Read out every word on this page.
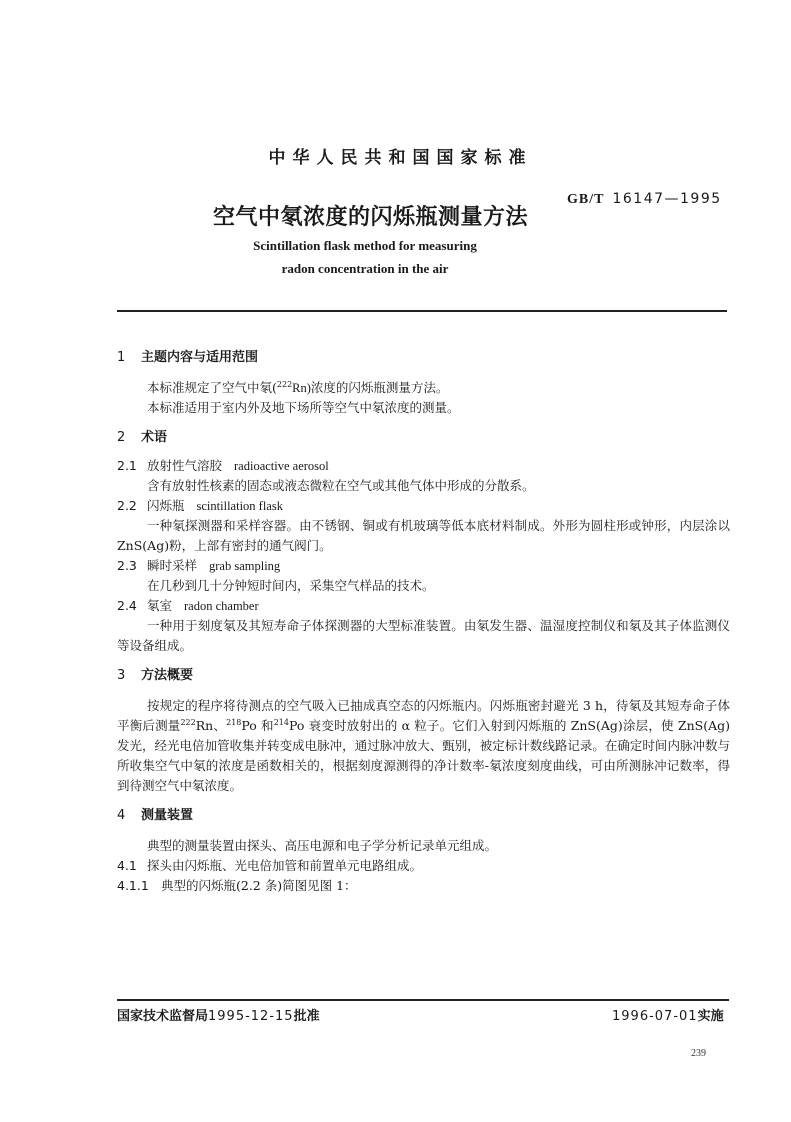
中华人民共和国国家标准
空气中氡浓度的闪烁瓶测量方法
GB/T 16147—1995
Scintillation flask method for measuring
radon concentration in the air

1 主题内容与适用范围

本标准规定了空气中氡($^{222}$Rn)浓度的闪烁瓶测量方法。

本标准适用于室内外及地下场所等空气中氡浓度的测量。

2 术语

2.1 放射性气溶胶 radioactive aerosol

含有放射性核素的固态或液态微粒在空气或其他气体中形成的分散系。

2.2 闪烁瓶 scintillation flask

一种氡探测器和采样容器。由不锈钢、铜或有机玻璃等低本底材料制成。外形为圆柱形或钟形，内层涂以 ZnS(Ag)粉，上部有密封的通气阀门。

2.3 瞬时采样 grab sampling

在几秒到几十分钟短时间内，采集空气样品的技术。

2.4 氡室 radon chamber

一种用于刻度氡及其短寿命子体探测器的大型标准装置。由氡发生器、温湿度控制仪和氡及其子体监测仪等设备组成。

3 方法概要

按规定的程序将待测点的空气吸入已抽成真空态的闪烁瓶内。闪烁瓶密封避光 3 h，待氡及其短寿命子体平衡后测量$^{222}$Rn、$^{218}$Po 和$^{214}$Po 衰变时放射出的 α 粒子。它们入射到闪烁瓶的 ZnS(Ag)涂层，使 ZnS(Ag)发光，经光电倍加管收集并转变成电脉冲，通过脉冲放大、甄别，被定标计数线路记录。在确定时间内脉冲数与所收集空气中氡的浓度是函数相关的，根据刻度源测得的净计数率-氡浓度刻度曲线，可由所测脉冲记数率，得到待测空气中氡浓度。

4 测量装置

典型的测量装置由探头、高压电源和电子学分析记录单元组成。

4.1 探头由闪烁瓶、光电倍加管和前置单元电路组成。

4.1.1 典型的闪烁瓶(2.2 条)简图见图 1：

国家技术监督局1995-12-15批准	1996-07-01实施
239
